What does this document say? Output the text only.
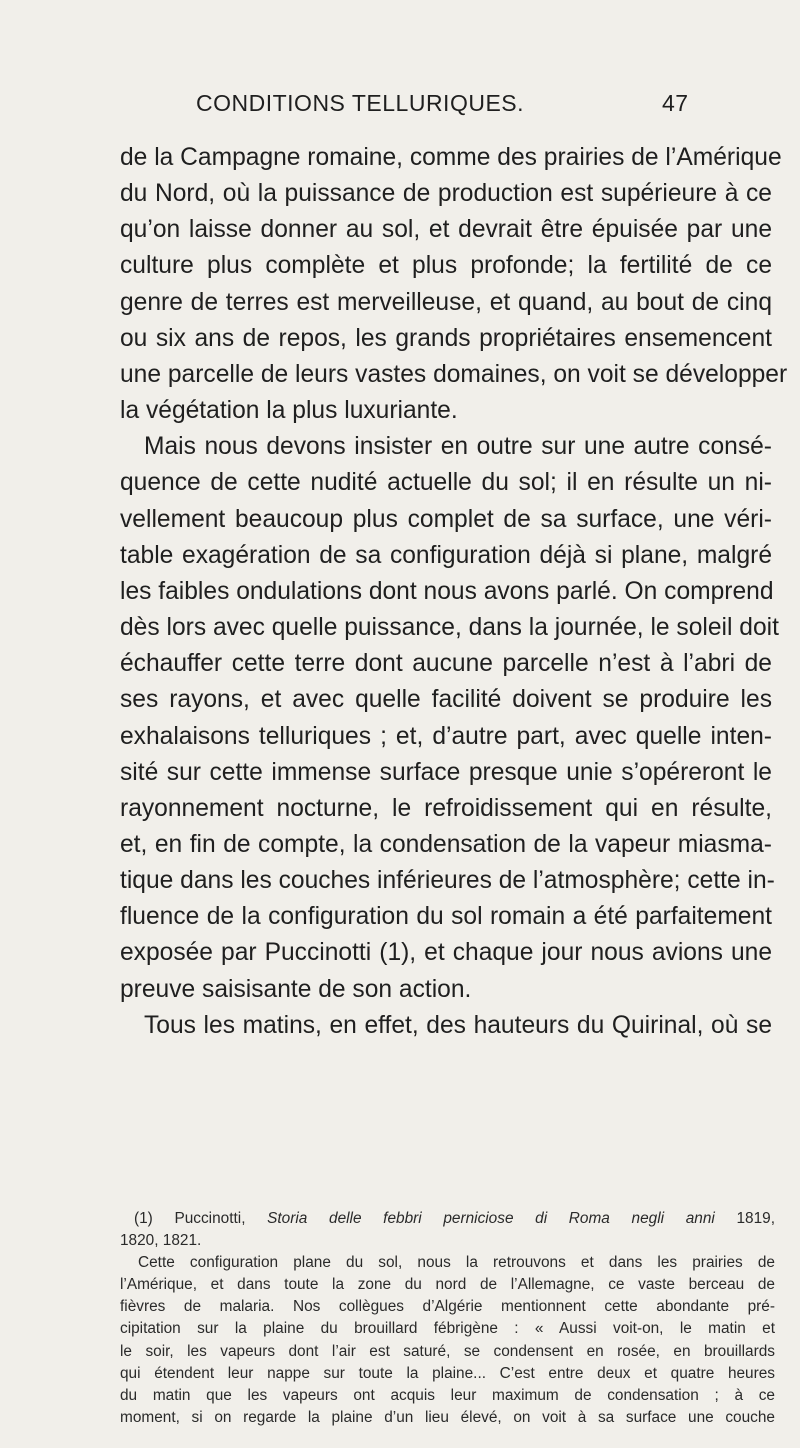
CONDITIONS TELLURIQUES.	47
de la Campagne romaine, comme des prairies de l’Amérique
du Nord, où la puissance de production est supérieure à ce
qu’on laisse donner au sol, et devrait être épuisée par une
culture plus complète et plus profonde; la fertilité de ce
genre de terres est merveilleuse, et quand, au bout de cinq
ou six ans de repos, les grands propriétaires ensemencent
une parcelle de leurs vastes domaines, on voit se développer
la végétation la plus luxuriante.
Mais nous devons insister en outre sur une autre consé-
quence de cette nudité actuelle du sol; il en résulte un ni-
vellement beaucoup plus complet de sa surface, une véri-
table exagération de sa configuration déjà si plane, malgré
les faibles ondulations dont nous avons parlé. On comprend
dès lors avec quelle puissance, dans la journée, le soleil doit
échauffer cette terre dont aucune parcelle n’est à l’abri de
ses rayons, et avec quelle facilité doivent se produire les
exhalaisons telluriques ; et, d’autre part, avec quelle inten-
sité sur cette immense surface presque unie s’opéreront le
rayonnement nocturne, le refroidissement qui en résulte,
et, en fin de compte, la condensation de la vapeur miasma-
tique dans les couches inférieures de l’atmosphère; cette in-
fluence de la configuration du sol romain a été parfaitement
exposée par Puccinotti (1), et chaque jour nous avions une
preuve saisisante de son action.
Tous les matins, en effet, des hauteurs du Quirinal, où se
(1) Puccinotti, Storia delle febbri perniciose di Roma negli anni 1819,
1820, 1821.
Cette configuration plane du sol, nous la retrouvons et dans les prairies de
l’Amérique, et dans toute la zone du nord de l’Allemagne, ce vaste berceau de
fièvres de malaria. Nos collègues d’Algérie mentionnent cette abondante pré-
cipitation sur la plaine du brouillard fébrigène : « Aussi voit-on, le matin et
le soir, les vapeurs dont l’air est saturé, se condensent en rosée, en brouillards
qui étendent leur nappe sur toute la plaine... C’est entre deux et quatre heures
du matin que les vapeurs ont acquis leur maximum de condensation ; à ce
moment, si on regarde la plaine d’un lieu élevé, on voit à sa surface une couche
